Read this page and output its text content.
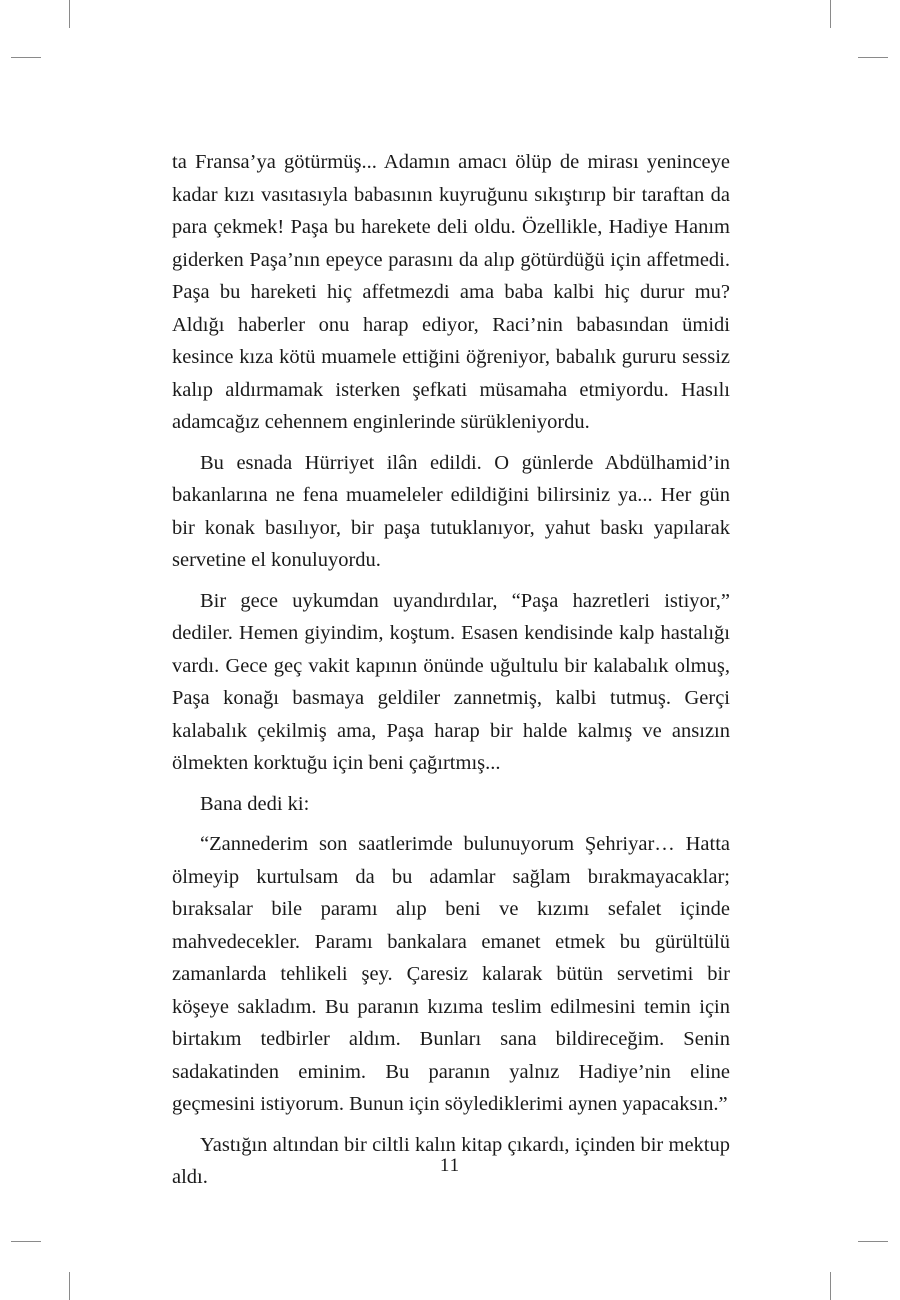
ta Fransa’ya götürmüş... Adamın amacı ölüp de mirası yeninceye kadar kızı vasıtasıyla babasının kuyruğunu sıkıştırıp bir taraftan da para çekmek! Paşa bu harekete deli oldu. Özellikle, Hadiye Hanım giderken Paşa’nın epeyce parasını da alıp götürdüğü için affetmedi. Paşa bu hareketi hiç affetmezdi ama baba kalbi hiç durur mu? Aldığı haberler onu harap ediyor, Raci’nin babasından ümidi kesince kıza kötü muamele ettiğini öğreniyor, babalık gururu sessiz kalıp aldırmamak isterken şefkati müsamaha etmiyordu. Hasılı adamcağız cehennem enginlerinde sürükleniyordu.

Bu esnada Hürriyet ilân edildi. O günlerde Abdülhamid’in bakanlarına ne fena muameleler edildiğini bilirsiniz ya... Her gün bir konak basılıyor, bir paşa tutuklanıyor, yahut baskı yapılarak servetine el konuluyordu.

Bir gece uykumdan uyandırdılar, “Paşa hazretleri istiyor,” dediler. Hemen giyindim, koştum. Esasen kendisinde kalp hastalığı vardı. Gece geç vakit kapının önünde uğultulu bir kalabalık olmuş, Paşa konağı basmaya geldiler zannetmiş, kalbi tutmuş. Gerçi kalabalık çekilmiş ama, Paşa harap bir halde kalmış ve ansızın ölmekten korktuğu için beni çağırtmış...

Bana dedi ki:

“Zannederim son saatlerimde bulunuyorum Şehriyar… Hatta ölmeyip kurtulsam da bu adamlar sağlam bırakmayacaklar; bıraksalar bile paramı alıp beni ve kızımı sefalet içinde mahvedecekler. Paramı bankalara emanet etmek bu gürültülü zamanlarda tehlikeli şey. Çaresiz kalarak bütün servetimi bir köşeye sakladım. Bu paranın kızıma teslim edilmesini temin için birtakım tedbirler aldım. Bunları sana bildireceğim. Senin sadakatinden eminim. Bu paranın yalnız Hadiye’nin eline geçmesini istiyorum. Bunun için söylediklerimi aynen yapacaksın.”

Yastığın altından bir ciltli kalın kitap çıkardı, içinden bir mektup aldı.

11
